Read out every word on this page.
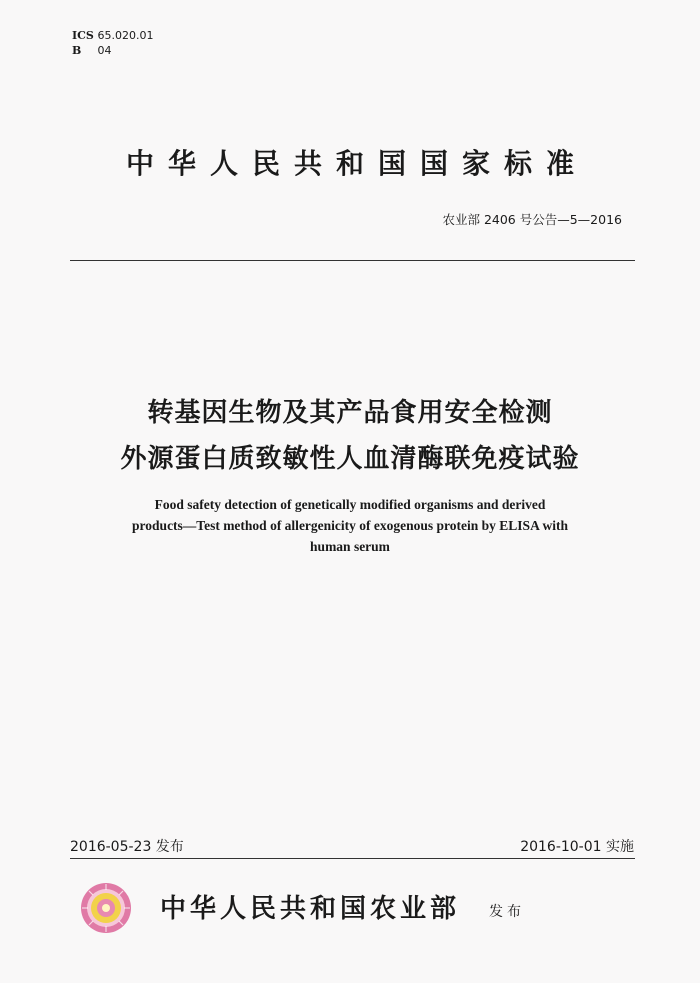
ICS 65.020.01
B 04
中华人民共和国国家标准
农业部 2406 号公告—5—2016
转基因生物及其产品食用安全检测
外源蛋白质致敏性人血清酶联免疫试验
Food safety detection of genetically modified organisms and derived
products—Test method of allergenicity of exogenous protein by ELISA with
human serum
2016-05-23 发布	2016-10-01 实施
中华人民共和国农业部 发布
